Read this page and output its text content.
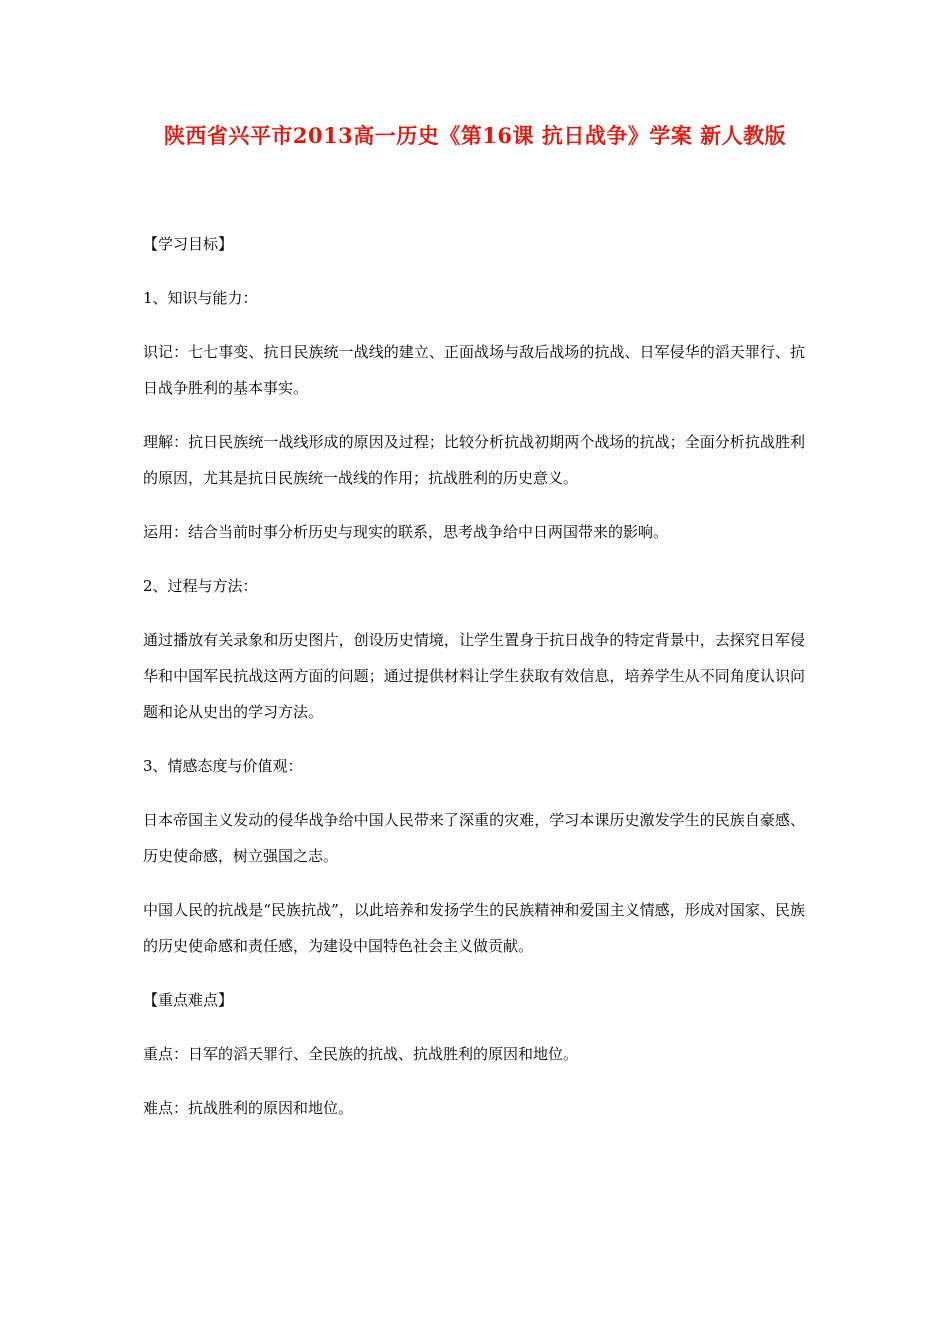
陕西省兴平市2013高一历史《第16课 抗日战争》学案 新人教版

【学习目标】

1、知识与能力：

识记：七七事变、抗日民族统一战线的建立、正面战场与敌后战场的抗战、日军侵华的滔天罪行、抗日战争胜利的基本事实。

理解：抗日民族统一战线形成的原因及过程；比较分析抗战初期两个战场的抗战；全面分析抗战胜利的原因，尤其是抗日民族统一战线的作用；抗战胜利的历史意义。

运用：结合当前时事分析历史与现实的联系，思考战争给中日两国带来的影响。

2、过程与方法：

通过播放有关录象和历史图片，创设历史情境，让学生置身于抗日战争的特定背景中，去探究日军侵华和中国军民抗战这两方面的问题；通过提供材料让学生获取有效信息，培养学生从不同角度认识问题和论从史出的学习方法。

3、情感态度与价值观：

日本帝国主义发动的侵华战争给中国人民带来了深重的灾难，学习本课历史激发学生的民族自豪感、历史使命感，树立强国之志。

中国人民的抗战是“民族抗战”，以此培养和发扬学生的民族精神和爱国主义情感，形成对国家、民族的历史使命感和责任感，为建设中国特色社会主义做贡献。

【重点难点】

重点：日军的滔天罪行、全民族的抗战、抗战胜利的原因和地位。

难点：抗战胜利的原因和地位。
